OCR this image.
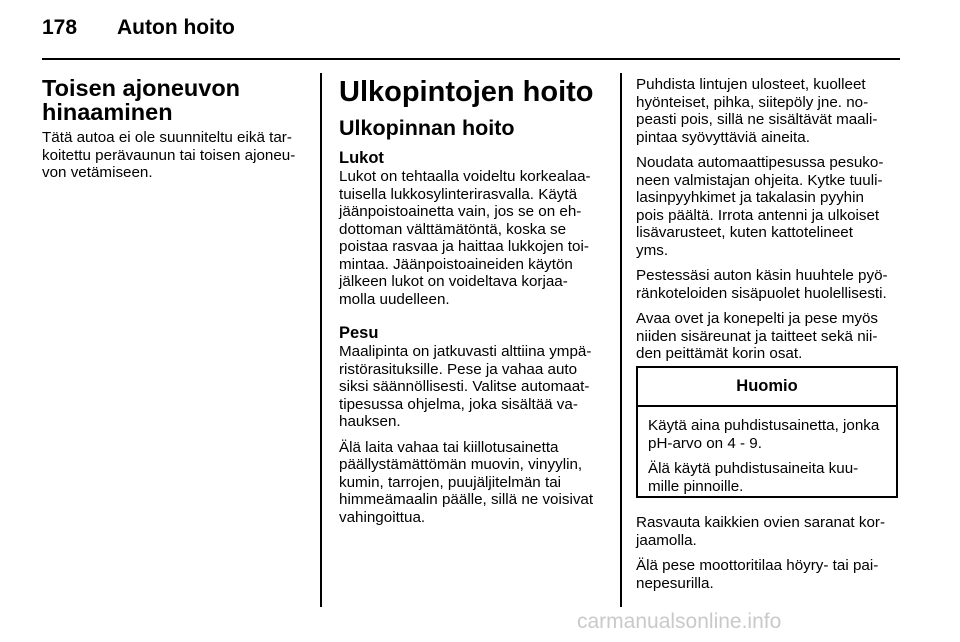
178 Auton hoito
Toisen ajoneuvon
hinaaminen

Tätä autoa ei ole suunniteltu eikä tar-

koitettu perävaunun tai toisen ajoneu-

von vetämiseen.

Ulkopintojen hoito
Ulkopinnan hoito
Lukot

Lukot on tehtaalla voideltu korkealaa-

tuisella lukkosylinterirasvalla. Käytä

jäänpoistoainetta vain, jos se on eh-

dottoman välttämätöntä, koska se

poistaa rasvaa ja haittaa lukkojen toi-

mintaa. Jäänpoistoaineiden käytön

jälkeen lukot on voideltava korjaa-

molla uudelleen.

Pesu

Maalipinta on jatkuvasti alttiina ympä-

ristörasituksille. Pese ja vahaa auto

siksi säännöllisesti. Valitse automaat-

tipesussa ohjelma, joka sisältää va-

hauksen.

Älä laita vahaa tai kiillotusainetta

päällystämättömän muovin, vinyylin,

kumin, tarrojen, puujäljitelmän tai

himmeämaalin päälle, sillä ne voisivat

vahingoittua.

Puhdista lintujen ulosteet, kuolleet

hyönteiset, pihka, siitepöly jne. no-

peasti pois, sillä ne sisältävät maali-

pintaa syövyttäviä aineita.

Noudata automaattipesussa pesuko-

neen valmistajan ohjeita. Kytke tuuli-

lasinpyyhkimet ja takalasin pyyhin

pois päältä. Irrota antenni ja ulkoiset

lisävarusteet, kuten kattotelineet

yms.

Pestessäsi auton käsin huuhtele pyö-

ränkoteloiden sisäpuolet huolellisesti.

Avaa ovet ja konepelti ja pese myös

niiden sisäreunat ja taitteet sekä nii-

den peittämät korin osat.

Huomio

Käytä aina puhdistusainetta, jonka

pH-arvo on 4 - 9.

Älä käytä puhdistusaineita kuu-

mille pinnoille.

Rasvauta kaikkien ovien saranat kor-

jaamolla.

Älä pese moottoritilaa höyry- tai pai-

nepesurilla.

carmanualsonline.info
